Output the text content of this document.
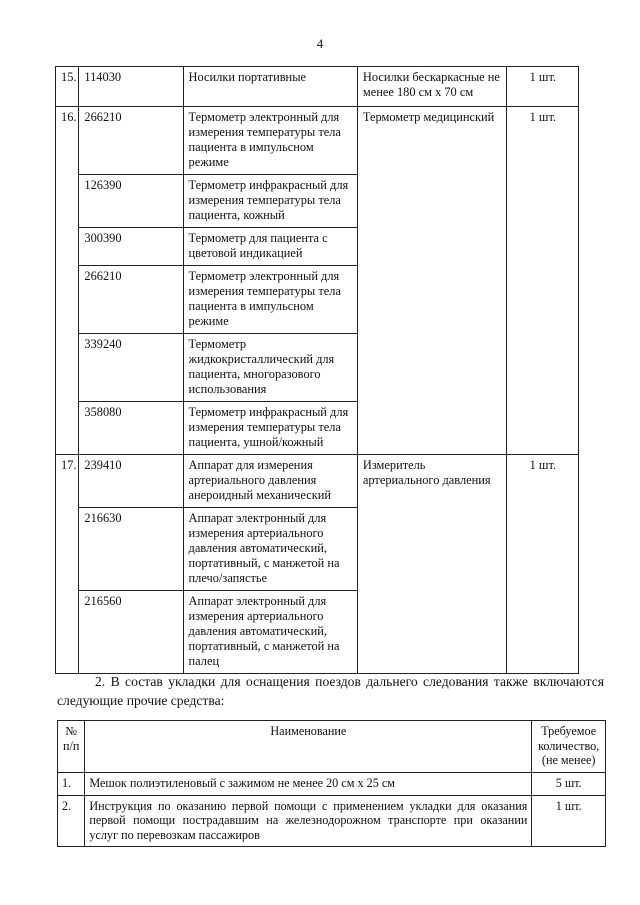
4
15.	114030	Носилки портативные	Носилки бескаркасные не менее 180 см х 70 см	1 шт.
16.	266210	Термометр электронный для измерения температуры тела пациента в импульсном режиме	Термометр медицинский	1 шт.
	126390	Термометр инфракрасный для измерения температуры тела пациента, кожный		
	300390	Термометр для пациента с цветовой индикацией		
	266210	Термометр электронный для измерения температуры тела пациента в импульсном режиме		
	339240	Термометр жидкокристаллический для пациента, многоразового использования		
	358080	Термометр инфракрасный для измерения температуры тела пациента, ушной/кожный		
17.	239410	Аппарат для измерения артериального давления анероидный механический	Измеритель артериального давления	1 шт.
	216630	Аппарат электронный для измерения артериального давления автоматический, портативный, с манжетой на плечо/запястье		
	216560	Аппарат электронный для измерения артериального давления автоматический, портативный, с манжетой на палец		
2. В состав укладки для оснащения поездов дальнего следования также включаются следующие прочие средства:
№ п/п	Наименование	Требуемое количество, (не менее)
1.	Мешок полиэтиленовый с зажимом не менее 20 см х 25 см	5 шт.
2.	Инструкция по оказанию первой помощи с применением укладки для оказания первой помощи пострадавшим на железнодорожном транспорте при оказании услуг по перевозкам пассажиров	1 шт.
